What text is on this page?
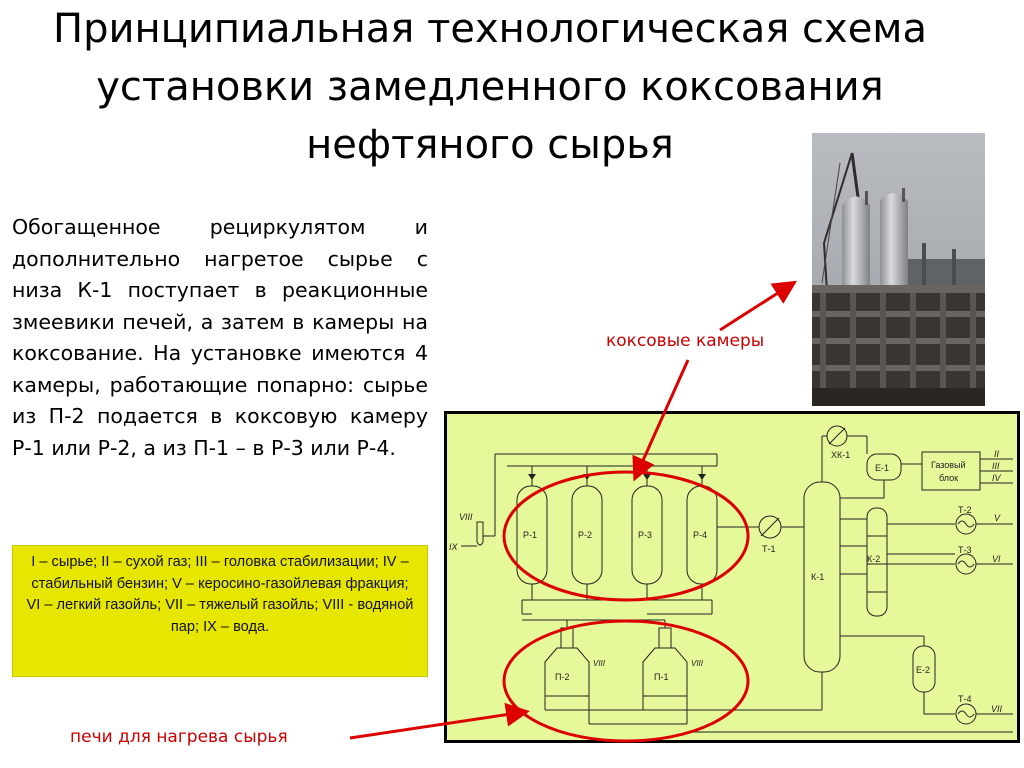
Принципиальная технологическая схема
установки замедленного коксования
нефтяного сырья

Обогащенное рециркулятом и дополнительно нагретое сырье с низа К-1 поступает в реакционные змеевики печей, а затем в камеры на коксование. На установке имеются 4 камеры, работающие попарно: сырье из П-2 подается в коксовую камеру Р-1 или Р-2, а из П-1 – в Р-3 или Р-4.

I – сырье; II – сухой газ; III – головка стабилизации; IV – стабильный бензин; V – керосино-газойлевая фракция; VI – легкий газойль; VII – тяжелый газойль; VIII - водяной пар; IX – вода.
VIII
IX
Р-1	Р-2	Р-3	Р-4
П-2
VIII
П-1
VIII
Т-1
К-1
ХК-1
Е-1	Газовый
блок
II
III
IV
К-2
Т-2
V
Т-3
VI
Е-2
Т-4
VII
коксовые камеры
печи для нагрева сырья
